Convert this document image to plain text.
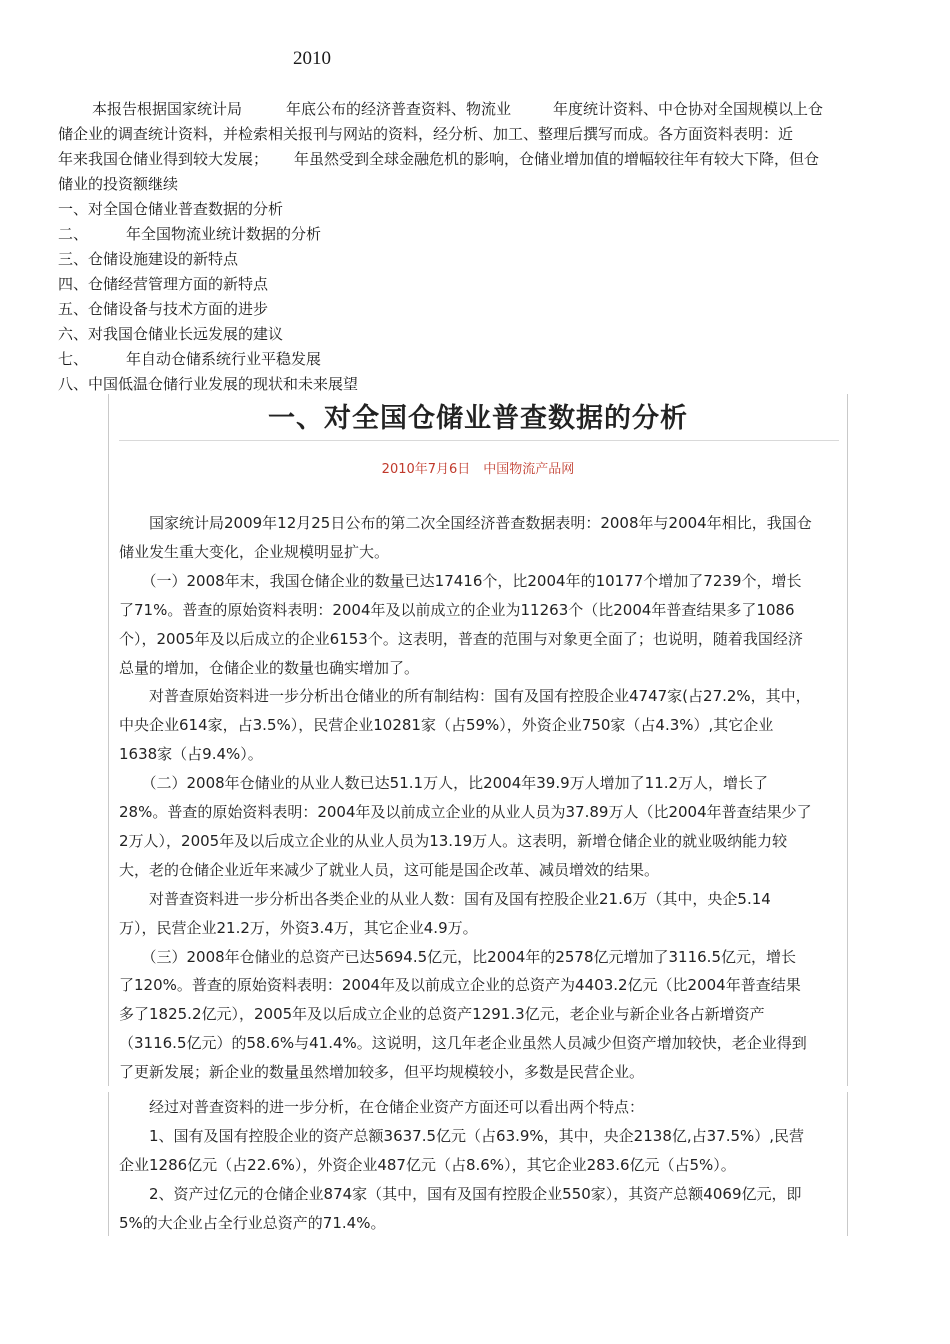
2010
本报告根据国家统计局	年底公布的经济普查资料、物流业	年度统计资料、中仓协对全国规模以上仓
储企业的调查统计资料，并检索相关报刊与网站的资料，经分析、加工、整理后撰写而成。各方面资料表明：近
年来我国仓储业得到较大发展； 年虽然受到全球金融危机的影响，仓储业增加值的增幅较往年有较大下降，但仓
储业的投资额继续
一、对全国仓储业普查数据的分析
二、	年全国物流业统计数据的分析
三、仓储设施建设的新特点
四、仓储经营管理方面的新特点
五、仓储设备与技术方面的进步
六、对我国仓储业长远发展的建议
七、	年自动仓储系统行业平稳发展
八、中国低温仓储行业发展的现状和未来展望
一、对全国仓储业普查数据的分析
2010年7月6日　中国物流产品网
　　国家统计局2009年12月25日公布的第二次全国经济普查数据表明：2008年与2004年相比，我国仓
储业发生重大变化，企业规模明显扩大。
　　（一）2008年末，我国仓储企业的数量已达17416个，比2004年的10177个增加了7239个，增长
了71%。普查的原始资料表明：2004年及以前成立的企业为11263个（比2004年普查结果多了1086
个），2005年及以后成立的企业6153个。这表明，普查的范围与对象更全面了；也说明，随着我国经济
总量的增加，仓储企业的数量也确实增加了。
　　对普查原始资料进一步分析出仓储业的所有制结构：国有及国有控股企业4747家(占27.2%，其中，
中央企业614家，占3.5%），民营企业10281家（占59%），外资企业750家（占4.3%）,其它企业
1638家（占9.4%）。
　　（二）2008年仓储业的从业人数已达51.1万人，比2004年39.9万人增加了11.2万人，增长了
28%。普查的原始资料表明：2004年及以前成立企业的从业人员为37.89万人（比2004年普查结果少了
2万人），2005年及以后成立企业的从业人员为13.19万人。这表明，新增仓储企业的就业吸纳能力较
大，老的仓储企业近年来减少了就业人员，这可能是国企改革、减员增效的结果。
　　对普查资料进一步分析出各类企业的从业人数：国有及国有控股企业21.6万（其中，央企5.14
万），民营企业21.2万，外资3.4万，其它企业4.9万。
　　（三）2008年仓储业的总资产已达5694.5亿元，比2004年的2578亿元增加了3116.5亿元，增长
了120%。普查的原始资料表明：2004年及以前成立企业的总资产为4403.2亿元（比2004年普查结果
多了1825.2亿元），2005年及以后成立企业的总资产1291.3亿元，老企业与新企业各占新增资产
（3116.5亿元）的58.6%与41.4%。这说明，这几年老企业虽然人员减少但资产增加较快，老企业得到
了更新发展；新企业的数量虽然增加较多，但平均规模较小，多数是民营企业。
　　经过对普查资料的进一步分析，在仓储企业资产方面还可以看出两个特点：
　　1、国有及国有控股企业的资产总额3637.5亿元（占63.9%，其中，央企2138亿,占37.5%）,民营
企业1286亿元（占22.6%），外资企业487亿元（占8.6%），其它企业283.6亿元（占5%）。
　　2、资产过亿元的仓储企业874家（其中，国有及国有控股企业550家），其资产总额4069亿元，即
5%的大企业占全行业总资产的71.4%。
